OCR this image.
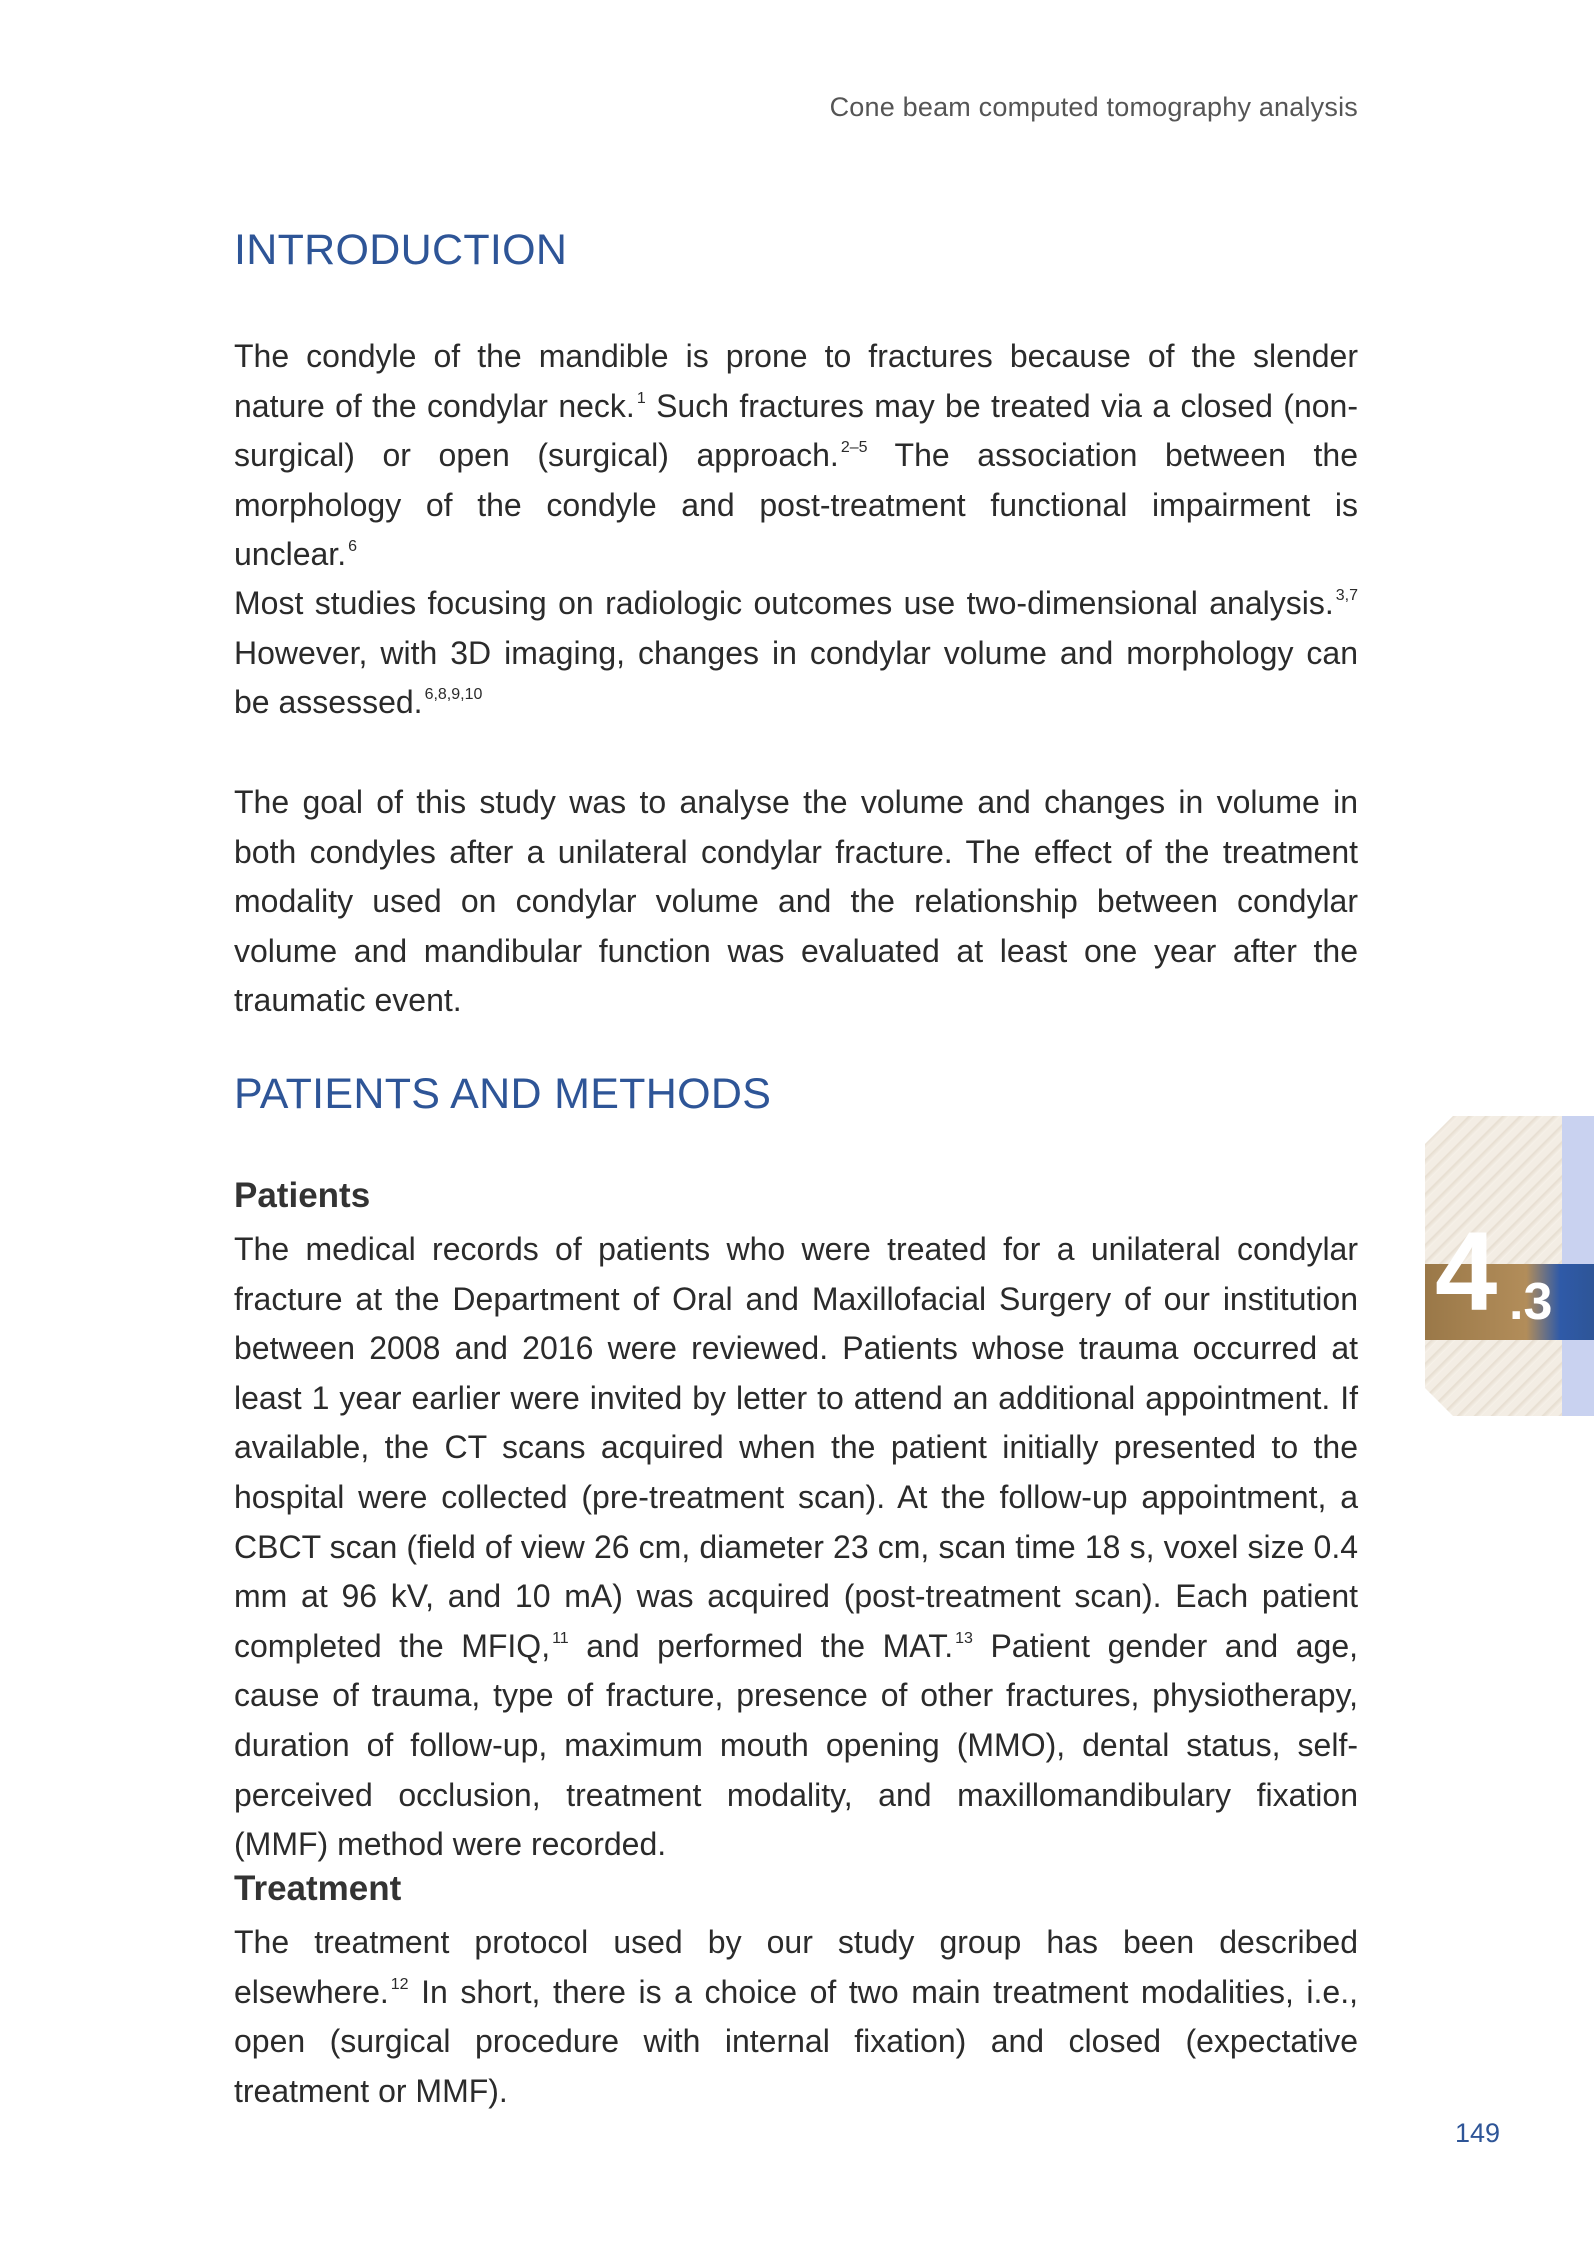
Cone beam computed tomography analysis
INTRODUCTION

The condyle of the mandible is prone to fractures because of the slender nature of the condylar neck. $^1$ Such fractures may be treated via a closed (non-surgical) or open (surgical) approach. $^{2-5}$ The association between the morphology of the condyle and post-treatment functional impairment is unclear. $^6$

Most studies focusing on radiologic outcomes use two-dimensional analysis. $^{3,7}$ However, with 3D imaging, changes in condylar volume and morphology can be assessed. $^{6,8,9,10}$

The goal of this study was to analyse the volume and changes in volume in both condyles after a unilateral condylar fracture. The effect of the treatment modality used on condylar volume and the relationship between condylar volume and mandibular function was evaluated at least one year after the traumatic event.

PATIENTS AND METHODS
Patients

The medical records of patients who were treated for a unilateral condylar fracture at the Department of Oral and Maxillofacial Surgery of our institution between 2008 and 2016 were reviewed. Patients whose trauma occurred at least 1 year earlier were invited by letter to attend an additional appointment. If available, the CT scans acquired when the patient initially presented to the hospital were collected (pre-treatment scan). At the follow-up appointment, a CBCT scan (field of view 26 cm, diameter 23 cm, scan time 18 s, voxel size 0.4 mm at 96 kV, and 10 mA) was acquired (post-treatment scan). Each patient completed the MFIQ, $^{11}$ and performed the MAT. $^{13}$ Patient gender and age, cause of trauma, type of fracture, presence of other fractures, physiotherapy, duration of follow-up, maximum mouth opening (MMO), dental status, self-perceived occlusion, treatment modality, and maxillomandibulary fixation (MMF) method were recorded.

Treatment

The treatment protocol used by our study group has been described elsewhere. $^{12}$ In short, there is a choice of two main treatment modalities, i.e., open (surgical procedure with internal fixation) and closed (expectative treatment or MMF).

4 .3
149
